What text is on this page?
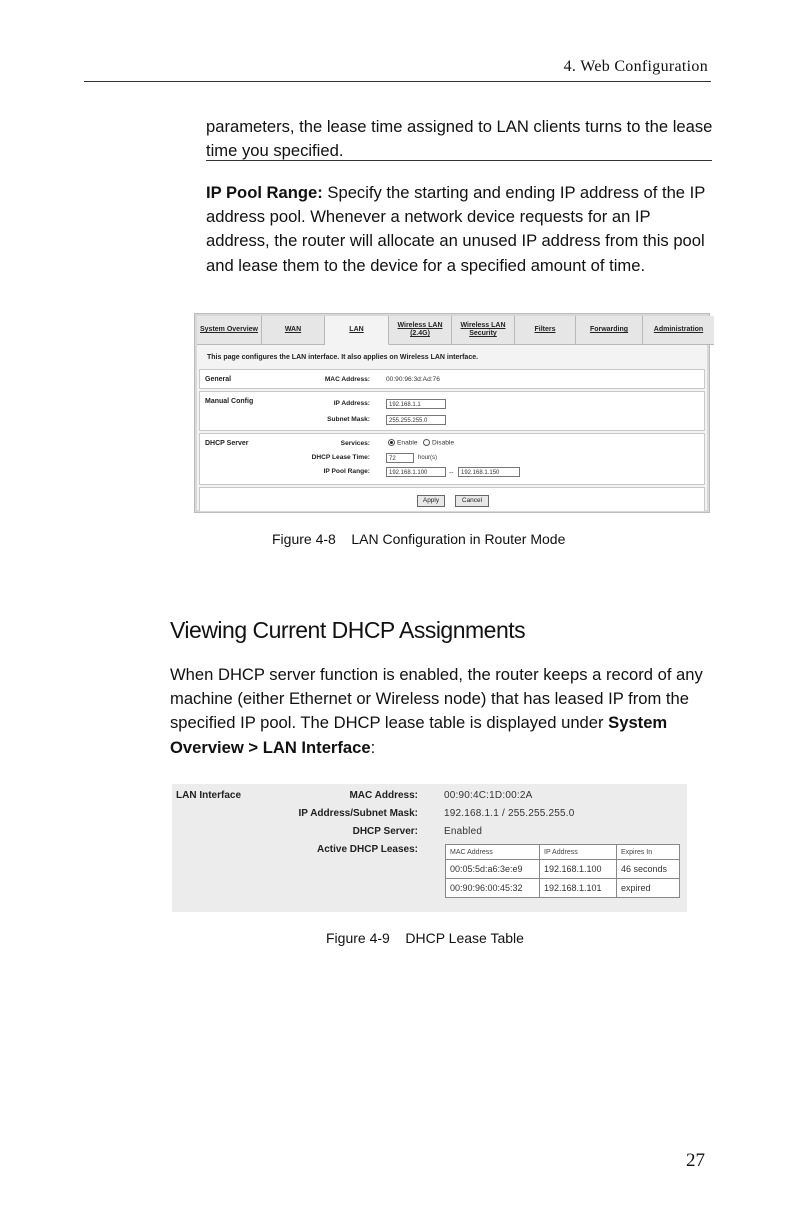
4. Web Configuration
parameters, the lease time assigned to LAN clients turns to the lease time you specified.
IP Pool Range: Specify the starting and ending IP address of the IP address pool. Whenever a network device requests for an IP address, the router will allocate an unused IP address from this pool and lease them to the device for a specified amount of time.
System Overview	WAN	LAN
Wireless LAN (2.4G)
Wireless LAN Security
Filters	Forwarding	Administration
This page configures the LAN interface. It also applies on Wireless LAN interface.
General	MAC Address: 00:90:96:3d:Ad:76
Manual Config	IP Address:	192.168.1.1
Subnet Mask:	255.255.255.0
DHCP Server	Services:	Enable Disable
DHCP Lease Time:	72	hour(s)
IP Pool Range:	192.168.1.100	--	192.168.1.150
Apply	Cancel
Figure 4-8    LAN Configuration in Router Mode
Viewing Current DHCP Assignments
When DHCP server function is enabled, the router keeps a record of any machine (either Ethernet or Wireless node) that has leased IP from the specified IP pool. The DHCP lease table is displayed under System Overview > LAN Interface:
LAN Interface	MAC Address:	00:90:4C:1D:00:2A
IP Address/Subnet Mask:	192.168.1.1 / 255.255.255.0
DHCP Server:	Enabled
Active DHCP Leases:	MAC Address	IP Address	Expires In
00:05:5d:a6:3e:e9	192.168.1.100	46 seconds
00:90:96:00:45:32	192.168.1.101	expired
Figure 4-9    DHCP Lease Table
27
